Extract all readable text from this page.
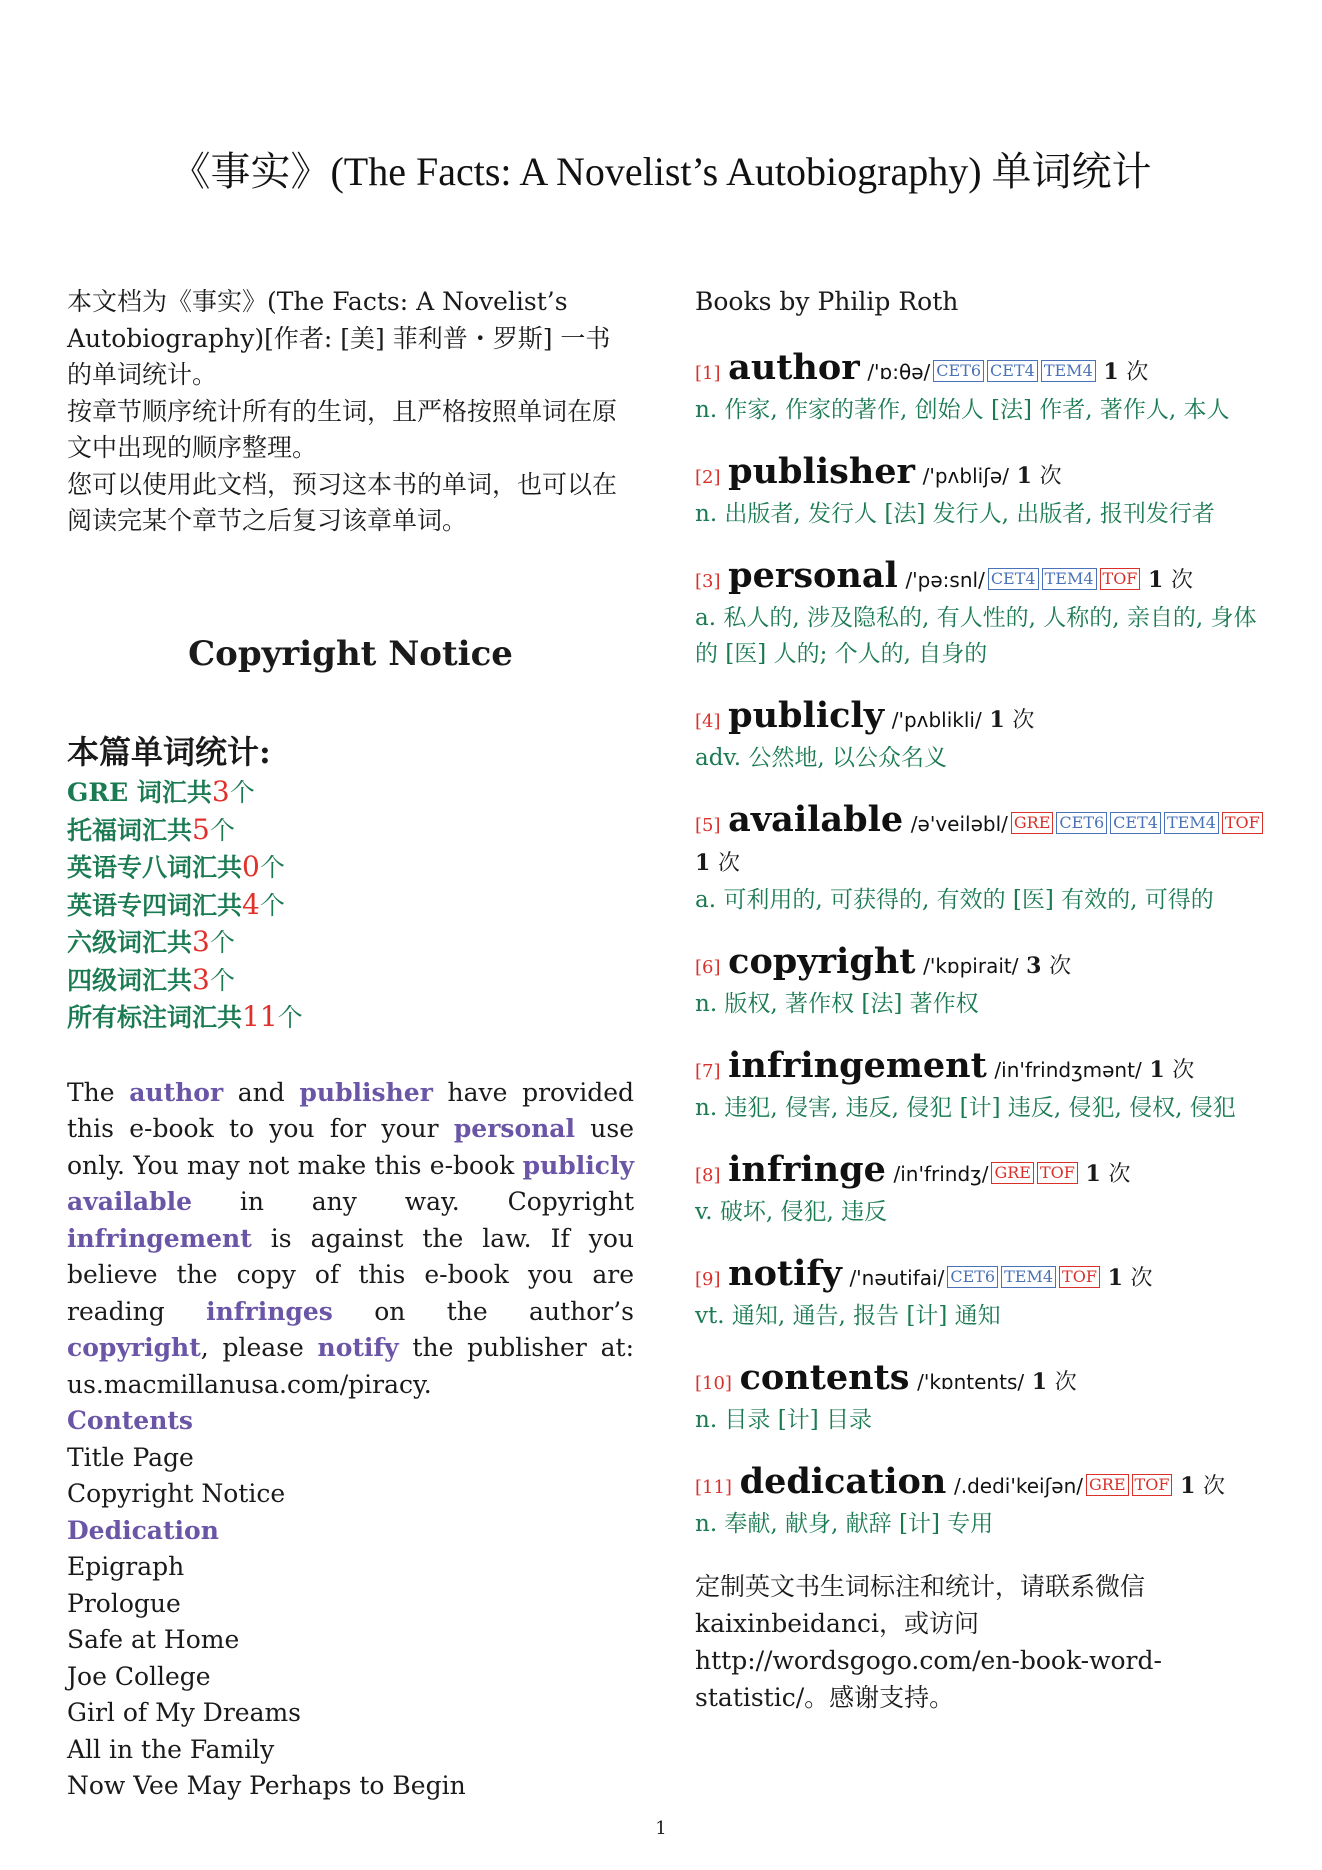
《事实》(The Facts: A Novelist’s Autobiography) 单词统计

本文档为《事实》(The Facts: A Novelist’s Autobiography)[作者: [美] 菲利普・罗斯] 一书的单词统计。

按章节顺序统计所有的生词，且严格按照单词在原文中出现的顺序整理。

您可以使用此文档，预习这本书的单词，也可以在阅读完某个章节之后复习该章单词。

Copyright Notice
本篇单词统计:
GRE 词汇共3个
托福词汇共5个
英语专八词汇共0个
英语专四词汇共4个
六级词汇共3个
四级词汇共3个
所有标注词汇共11个
The author and publisher have provided this e-book to you for your personal use only. You may not make this e-book publicly available in any way. Copyright infringement is against the law. If you believe the copy of this e-book you are reading infringes on the author’s copyright, please notify the publisher at: us.macmillanusa.com/piracy.
Contents
Title Page
Copyright Notice
Dedication
Epigraph
Prologue
Safe at Home
Joe College
Girl of My Dreams
All in the Family
Now Vee May Perhaps to Begin
Books by Philip Roth
[1] author /'ɒ:θə/ CET6 CET4 TEM4 1 次
n. 作家, 作家的著作, 创始人 [法] 作者, 著作人, 本人
[2] publisher /'pʌbliʃə/ 1 次
n. 出版者, 发行人 [法] 发行人, 出版者, 报刊发行者
[3] personal /'pə:snl/ CET4 TEM4 TOF 1 次
a. 私人的, 涉及隐私的, 有人性的, 人称的, 亲自的, 身体的 [医] 人的; 个人的, 自身的
[4] publicly /'pʌblikli/ 1 次
adv. 公然地, 以公众名义
[5] available /ə'veiləbl/ GRE CET6 CET4 TEM4 TOF 1 次
a. 可利用的, 可获得的, 有效的 [医] 有效的, 可得的
[6] copyright /'kɒpirait/ 3 次
n. 版权, 著作权 [法] 著作权
[7] infringement /in'frindʒmənt/ 1 次
n. 违犯, 侵害, 违反, 侵犯 [计] 违反, 侵犯, 侵权, 侵犯
[8] infringe /in'frindʒ/ GRE TOF 1 次
v. 破坏, 侵犯, 违反
[9] notify /'nəutifai/ CET6 TEM4 TOF 1 次
vt. 通知, 通告, 报告 [计] 通知
[10] contents /'kɒntents/ 1 次
n. 目录 [计] 目录
[11] dedication /.dedi'keiʃən/ GRE TOF 1 次
n. 奉献, 献身, 献辞 [计] 专用
定制英文书生词标注和统计，请联系微信 kaixinbeidanci，或访问 http://wordsgogo.com/en-book-word-statistic/。感谢支持。
1
